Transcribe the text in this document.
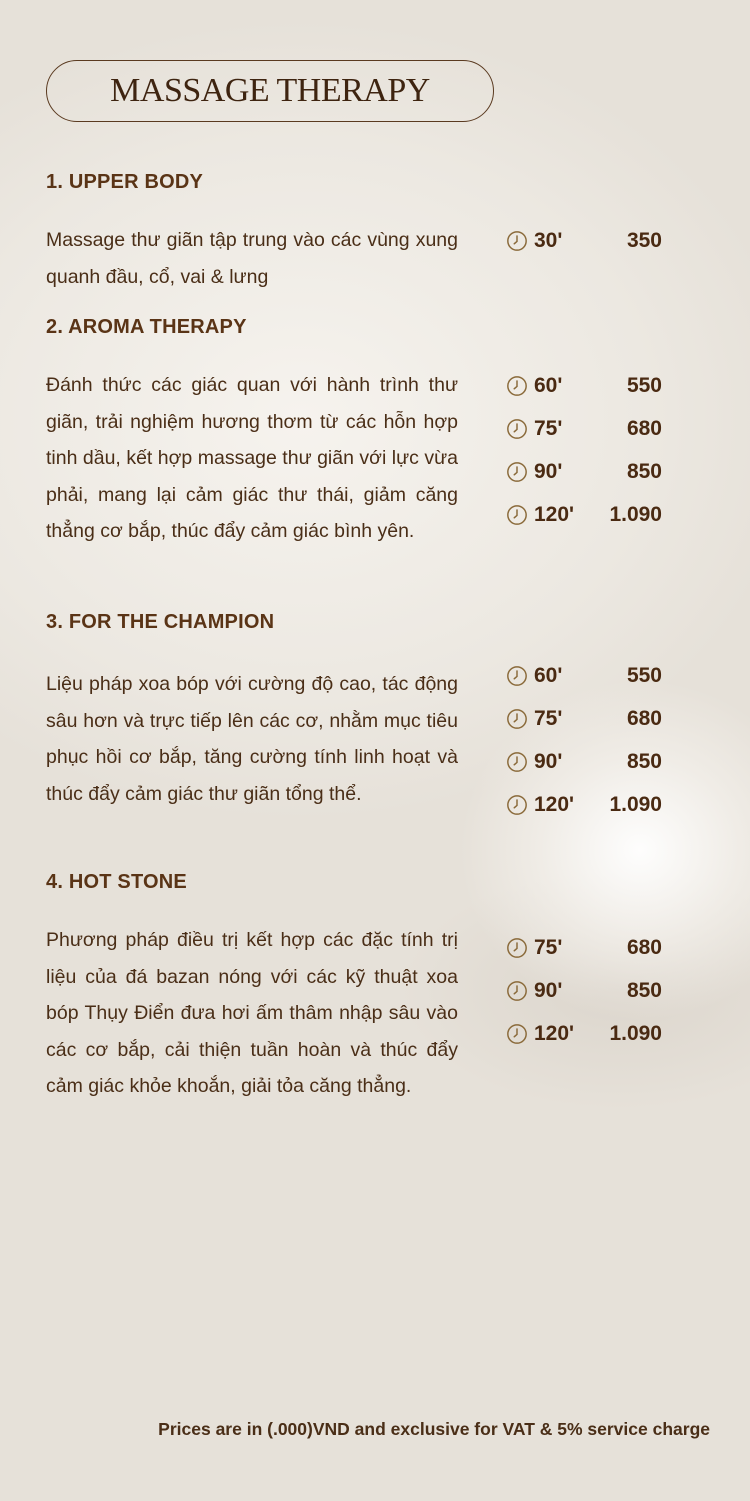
MASSAGE THERAPY
1. UPPER BODY
Massage thư giãn tập trung vào các vùng xung quanh đầu, cổ, vai & lưng
30'	350
2. AROMA THERAPY
Đánh thức các giác quan với hành trình thư giãn, trải nghiệm hương thơm từ các hỗn hợp tinh dầu, kết hợp massage thư giãn với lực vừa phải, mang lại cảm giác thư thái, giảm căng thẳng cơ bắp, thúc đẩy cảm giác bình yên.
60'	550
75'	680
90'	850
120'	1.090
3. FOR THE CHAMPION
Liệu pháp xoa bóp với cường độ cao, tác động sâu hơn và trực tiếp lên các cơ, nhằm mục tiêu phục hồi cơ bắp, tăng cường tính linh hoạt và thúc đẩy cảm giác thư giãn tổng thể.
60'	550
75'	680
90'	850
120'	1.090
4. HOT STONE
Phương pháp điều trị kết hợp các đặc tính trị liệu của đá bazan nóng với các kỹ thuật xoa bóp Thụy Điển đưa hơi ấm thâm nhập sâu vào các cơ bắp, cải thiện tuần hoàn và thúc đẩy cảm giác khỏe khoắn, giải tỏa căng thẳng.
75'	680
90'	850
120'	1.090
Prices are in (.000)VND and exclusive for VAT & 5% service charge
